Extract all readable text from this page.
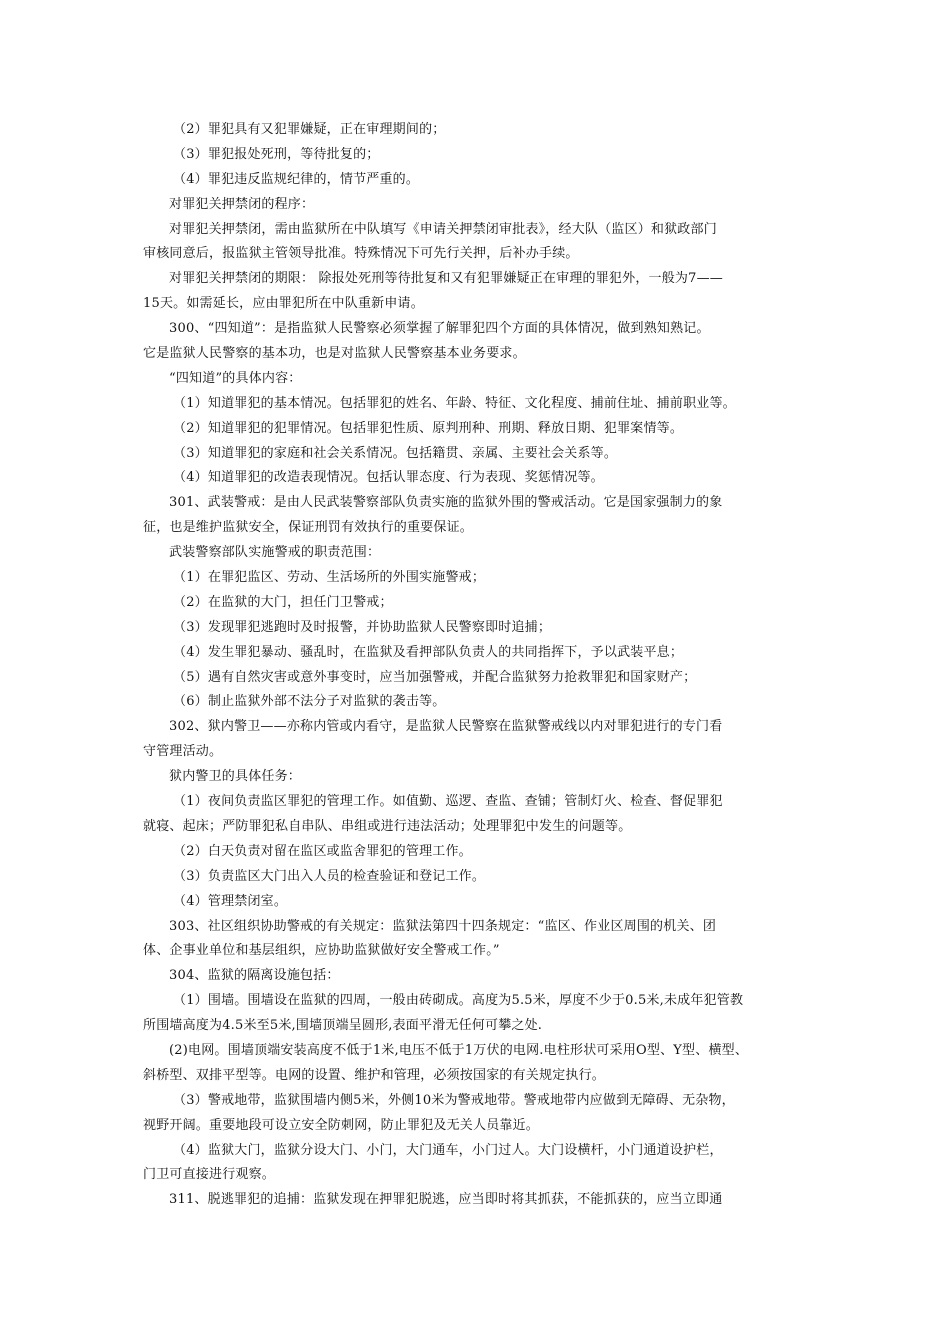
（2）罪犯具有又犯罪嫌疑，正在审理期间的；
（3）罪犯报处死刑，等待批复的；
（4）罪犯违反监规纪律的，情节严重的。
对罪犯关押禁闭的程序：
对罪犯关押禁闭，需由监狱所在中队填写《申请关押禁闭审批表》，经大队（监区）和狱政部门
审核同意后，报监狱主管领导批准。特殊情况下可先行关押，后补办手续。
对罪犯关押禁闭的期限： 除报处死刑等待批复和又有犯罪嫌疑正在审理的罪犯外，一般为7——
15天。如需延长，应由罪犯所在中队重新申请。
300、“四知道”：是指监狱人民警察必须掌握了解罪犯四个方面的具体情况，做到熟知熟记。
它是监狱人民警察的基本功，也是对监狱人民警察基本业务要求。
“四知道”的具体内容：
（1）知道罪犯的基本情况。包括罪犯的姓名、年龄、特征、文化程度、捕前住址、捕前职业等。
（2）知道罪犯的犯罪情况。包括罪犯性质、原判刑种、刑期、释放日期、犯罪案情等。
（3）知道罪犯的家庭和社会关系情况。包括籍贯、亲属、主要社会关系等。
（4）知道罪犯的改造表现情况。包括认罪态度、行为表现、奖惩情况等。
301、武装警戒：是由人民武装警察部队负责实施的监狱外围的警戒活动。它是国家强制力的象
征，也是维护监狱安全，保证刑罚有效执行的重要保证。
武装警察部队实施警戒的职责范围：
（1）在罪犯监区、劳动、生活场所的外围实施警戒；
（2）在监狱的大门，担任门卫警戒；
（3）发现罪犯逃跑时及时报警，并协助监狱人民警察即时追捕；
（4）发生罪犯暴动、骚乱时，在监狱及看押部队负责人的共同指挥下，予以武装平息；
（5）遇有自然灾害或意外事变时，应当加强警戒，并配合监狱努力抢救罪犯和国家财产；
（6）制止监狱外部不法分子对监狱的袭击等。
302、狱内警卫——亦称内管或内看守，是监狱人民警察在监狱警戒线以内对罪犯进行的专门看
守管理活动。
狱内警卫的具体任务：
（1）夜间负责监区罪犯的管理工作。如值勤、巡逻、查监、查铺；管制灯火、检查、督促罪犯
就寝、起床；严防罪犯私自串队、串组或进行违法活动；处理罪犯中发生的问题等。
（2）白天负责对留在监区或监舍罪犯的管理工作。
（3）负责监区大门出入人员的检查验证和登记工作。
（4）管理禁闭室。
303、社区组织协助警戒的有关规定：监狱法第四十四条规定：“监区、作业区周围的机关、团
体、企事业单位和基层组织，应协助监狱做好安全警戒工作。”
304、监狱的隔离设施包括：
（1）围墙。围墙设在监狱的四周，一般由砖砌成。高度为5.5米，厚度不少于0.5米,未成年犯管教
所围墙高度为4.5米至5米,围墙顶端呈圆形,表面平滑无任何可攀之处.
(2)电网。围墙顶端安装高度不低于1米,电压不低于1万伏的电网.电柱形状可采用O型、Y型、横型、
斜桥型、双排平型等。电网的设置、维护和管理，必须按国家的有关规定执行。
（3）警戒地带，监狱围墙内侧5米，外侧10米为警戒地带。警戒地带内应做到无障碍、无杂物，
视野开阔。重要地段可设立安全防刺网，防止罪犯及无关人员靠近。
（4）监狱大门，监狱分设大门、小门，大门通车，小门过人。大门设横杆，小门通道设护栏，
门卫可直接进行观察。
311、脱逃罪犯的追捕：监狱发现在押罪犯脱逃，应当即时将其抓获，不能抓获的，应当立即通
